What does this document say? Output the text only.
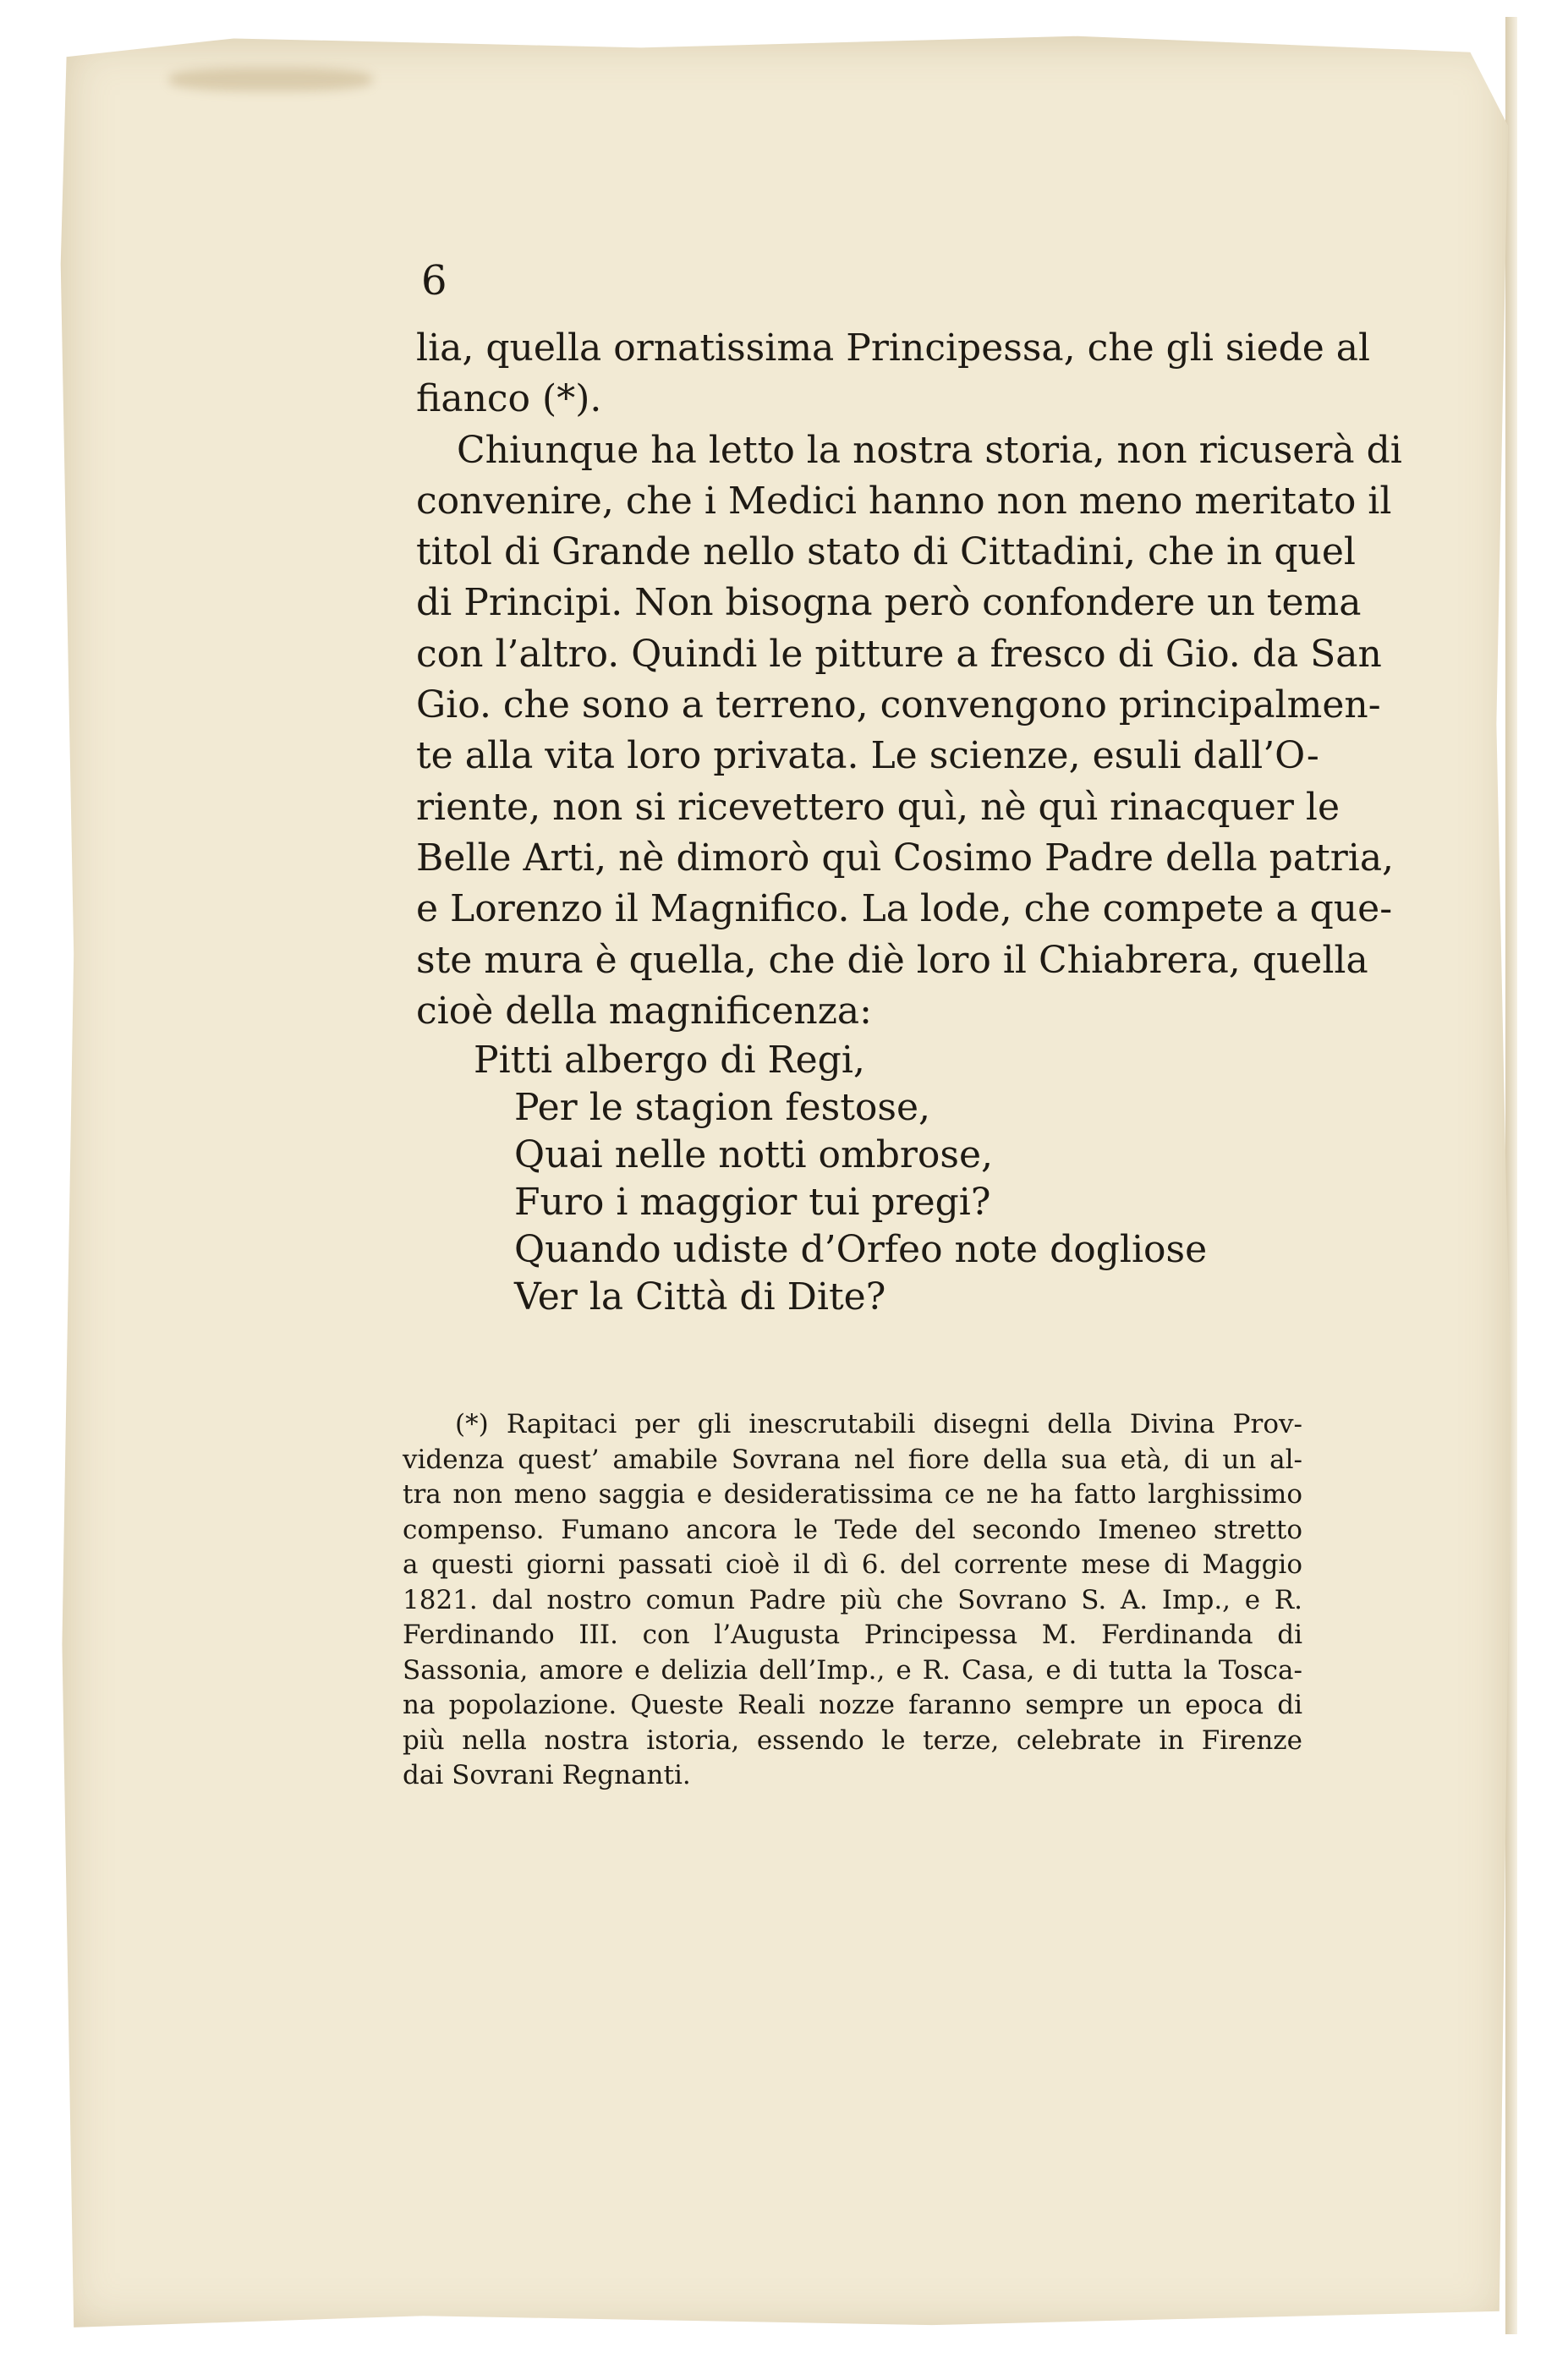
6
lia, quella ornatissima Principessa, che gli siede al
fianco (*).
Chiunque ha letto la nostra storia, non ricuserà di
convenire, che i Medici hanno non meno meritato il
titol di Grande nello stato di Cittadini, che in quel
di Principi. Non bisogna però confondere un tema
con l’altro. Quindi le pitture a fresco di Gio. da San
Gio. che sono a terreno, convengono principalmen-
te alla vita loro privata. Le scienze, esuli dall’O-
riente, non si ricevettero quì, nè quì rinacquer le
Belle Arti, nè dimorò quì Cosimo Padre della patria,
e Lorenzo il Magnifico. La lode, che compete a que-
ste mura è quella, che diè loro il Chiabrera, quella
cioè della magnificenza:
Pitti albergo di Regi,
Per le stagion festose,
Quai nelle notti ombrose,
Furo i maggior tui pregi?
Quando udiste d’Orfeo note dogliose
Ver la Città di Dite?
(*) Rapitaci per gli inescrutabili disegni della Divina Prov-
videnza quest’ amabile Sovrana nel fiore della sua età, di un al-
tra non meno saggia e desideratissima ce ne ha fatto larghissimo
compenso. Fumano ancora le Tede del secondo Imeneo stretto
a questi giorni passati cioè il dì 6. del corrente mese di Maggio
1821. dal nostro comun Padre più che Sovrano S. A. Imp., e R.
Ferdinando III. con l’Augusta Principessa M. Ferdinanda di
Sassonia, amore e delizia dell’Imp., e R. Casa, e di tutta la Tosca-
na popolazione. Queste Reali nozze faranno sempre un epoca di
più nella nostra istoria, essendo le terze, celebrate in Firenze
dai Sovrani Regnanti.
